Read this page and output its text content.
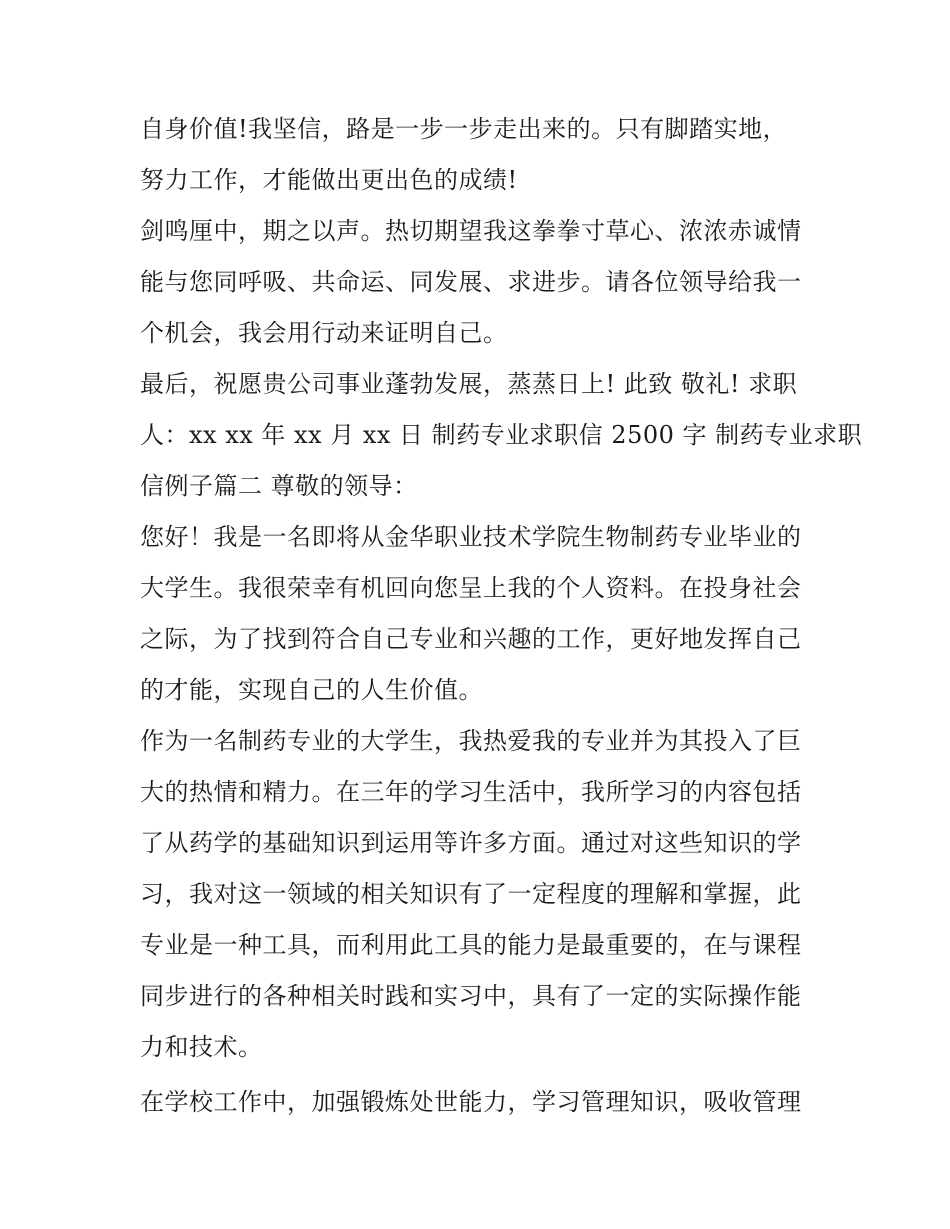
自身价值!我坚信，路是一步一步走出来的。只有脚踏实地，
努力工作，才能做出更出色的成绩!
剑鸣厘中，期之以声。热切期望我这拳拳寸草心、浓浓赤诚情
能与您同呼吸、共命运、同发展、求进步。请各位领导给我一
个机会，我会用行动来证明自己。
最后，祝愿贵公司事业蓬勃发展，蒸蒸日上! 此致 敬礼! 求职
人：xx xx 年 xx 月 xx 日 制药专业求职信 2500 字 制药专业求职
信例子篇二 尊敬的领导：
您好！我是一名即将从金华职业技术学院生物制药专业毕业的
大学生。我很荣幸有机回向您呈上我的个人资料。在投身社会
之际，为了找到符合自己专业和兴趣的工作，更好地发挥自己
的才能，实现自己的人生价值。
作为一名制药专业的大学生，我热爱我的专业并为其投入了巨
大的热情和精力。在三年的学习生活中，我所学习的内容包括
了从药学的基础知识到运用等许多方面。通过对这些知识的学
习，我对这一领域的相关知识有了一定程度的理解和掌握，此
专业是一种工具，而利用此工具的能力是最重要的，在与课程
同步进行的各种相关时践和实习中，具有了一定的实际操作能
力和技术。
在学校工作中，加强锻炼处世能力，学习管理知识，吸收管理
